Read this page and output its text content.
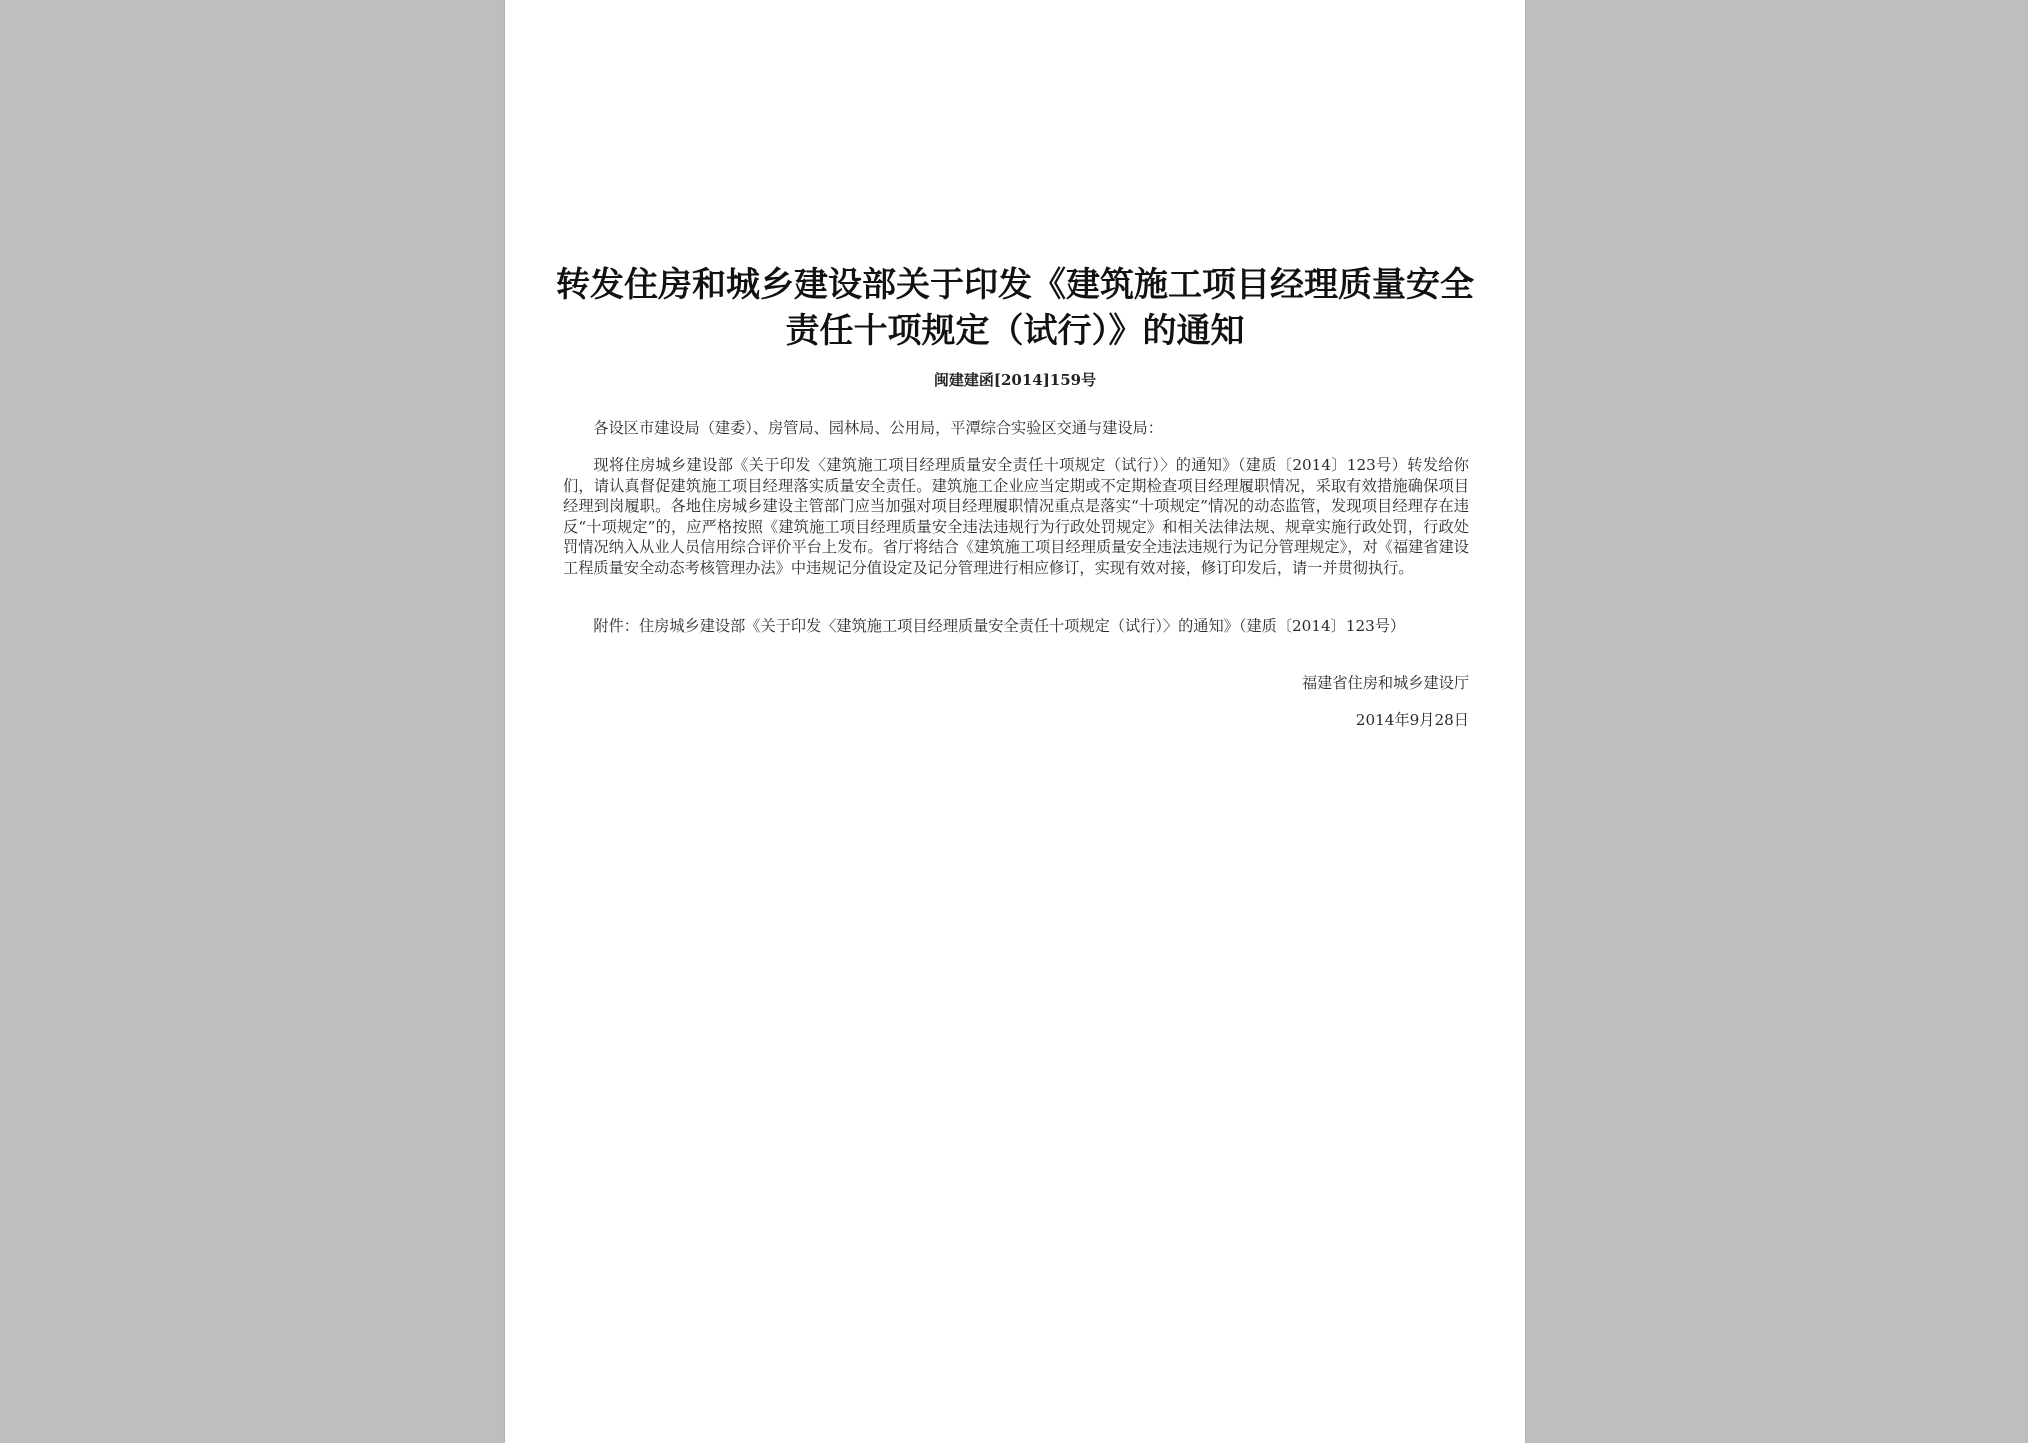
转发住房和城乡建设部关于印发《建筑施工项目经理质量安全责任十项规定（试行）》的通知
闽建建函[2014]159号
各设区市建设局（建委）、房管局、园林局、公用局，平潭综合实验区交通与建设局：
现将住房城乡建设部《关于印发〈建筑施工项目经理质量安全责任十项规定（试行）〉的通知》（建质〔2014〕123号）转发给你们，请认真督促建筑施工项目经理落实质量安全责任。建筑施工企业应当定期或不定期检查项目经理履职情况，采取有效措施确保项目经理到岗履职。各地住房城乡建设主管部门应当加强对项目经理履职情况重点是落实“十项规定”情况的动态监管，发现项目经理存在违反“十项规定”的，应严格按照《建筑施工项目经理质量安全违法违规行为行政处罚规定》和相关法律法规、规章实施行政处罚，行政处罚情况纳入从业人员信用综合评价平台上发布。省厅将结合《建筑施工项目经理质量安全违法违规行为记分管理规定》，对《福建省建设工程质量安全动态考核管理办法》中违规记分值设定及记分管理进行相应修订，实现有效对接，修订印发后，请一并贯彻执行。
附件：住房城乡建设部《关于印发〈建筑施工项目经理质量安全责任十项规定（试行）〉的通知》（建质〔2014〕123号）
福建省住房和城乡建设厅
2014年9月28日
